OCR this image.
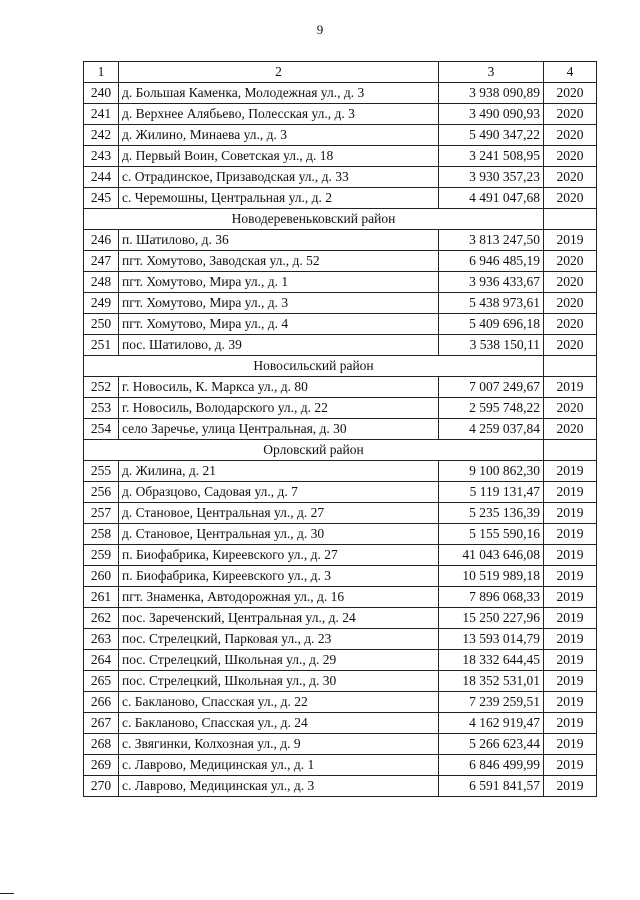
9
1	2	3	4
240	д. Большая Каменка, Молодежная ул., д. 3	3 938 090,89	2020
241	д. Верхнее Алябьево, Полесская ул., д. 3	3 490 090,93	2020
242	д. Жилино, Минаева ул., д. 3	5 490 347,22	2020
243	д. Первый Воин, Советская ул., д. 18	3 241 508,95	2020
244	с. Отрадинское, Призаводская ул., д. 33	3 930 357,23	2020
245	с. Черемошны, Центральная ул., д. 2	4 491 047,68	2020
Новодеревеньковский район			
246	п. Шатилово, д. 36	3 813 247,50	2019
247	пгт. Хомутово, Заводская ул., д. 52	6 946 485,19	2020
248	пгт. Хомутово, Мира ул., д. 1	3 936 433,67	2020
249	пгт. Хомутово, Мира ул., д. 3	5 438 973,61	2020
250	пгт. Хомутово, Мира ул., д. 4	5 409 696,18	2020
251	пос. Шатилово, д. 39	3 538 150,11	2020
Новосильский район			
252	г. Новосиль, К. Маркса ул., д. 80	7 007 249,67	2019
253	г. Новосиль, Володарского ул., д. 22	2 595 748,22	2020
254	село Заречье, улица Центральная, д. 30	4 259 037,84	2020
Орловский район			
255	д. Жилина, д. 21	9 100 862,30	2019
256	д. Образцово, Садовая ул., д. 7	5 119 131,47	2019
257	д. Становое, Центральная ул., д. 27	5 235 136,39	2019
258	д. Становое, Центральная ул., д. 30	5 155 590,16	2019
259	п. Биофабрика, Киреевского ул., д. 27	41 043 646,08	2019
260	п. Биофабрика, Киреевского ул., д. 3	10 519 989,18	2019
261	пгт. Знаменка, Автодорожная ул., д. 16	7 896 068,33	2019
262	пос. Зареченский, Центральная ул., д. 24	15 250 227,96	2019
263	пос. Стрелецкий, Парковая ул., д. 23	13 593 014,79	2019
264	пос. Стрелецкий, Школьная ул., д. 29	18 332 644,45	2019
265	пос. Стрелецкий, Школьная ул., д. 30	18 352 531,01	2019
266	с. Бакланово, Спасская ул., д. 22	7 239 259,51	2019
267	с. Бакланово, Спасская ул., д. 24	4 162 919,47	2019
268	с. Звягинки, Колхозная ул., д. 9	5 266 623,44	2019
269	с. Лаврово, Медицинская ул., д. 1	6 846 499,99	2019
270	с. Лаврово, Медицинская ул., д. 3	6 591 841,57	2019
